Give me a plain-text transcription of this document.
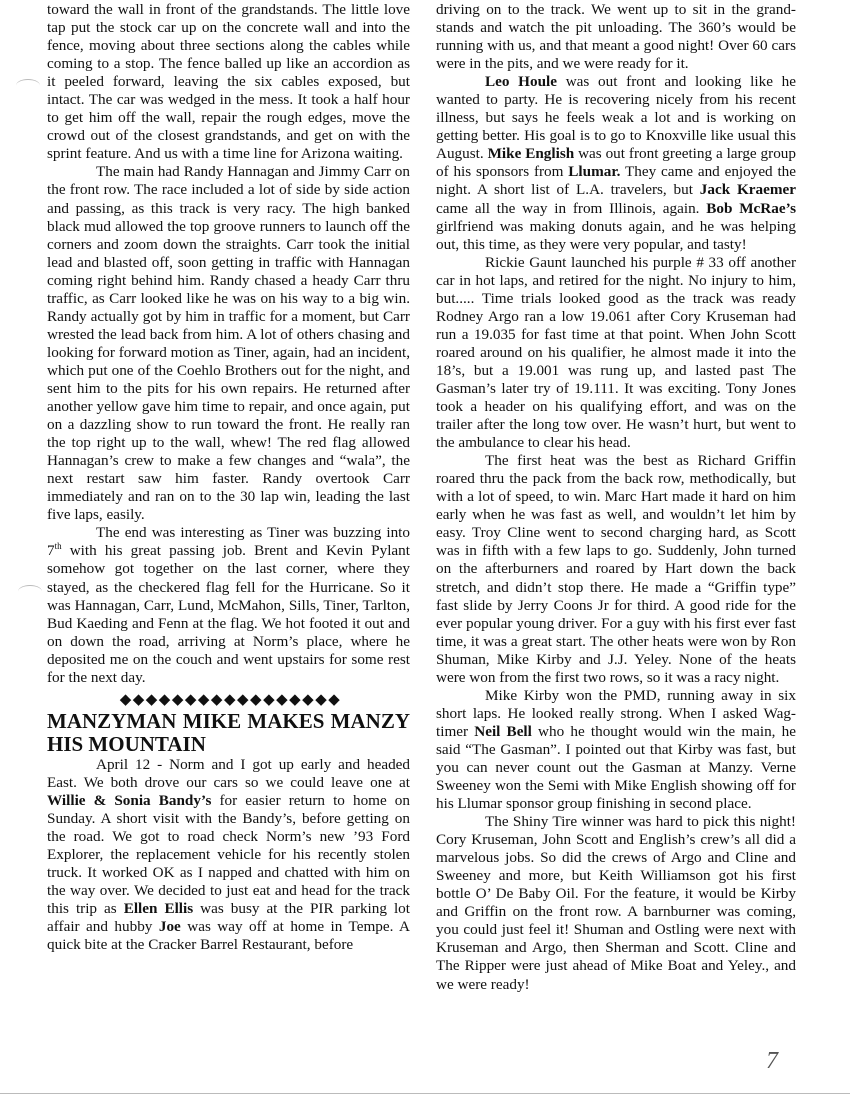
toward the wall in front of the grandstands. The little love tap put the stock car up on the concrete wall and into the fence, moving about three sections along the cables while coming to a stop. The fence balled up like an accordion as it peeled forward, leaving the six cables exposed, but intact. The car was wedged in the mess. It took a half hour to get him off the wall, repair the rough edges, move the crowd out of the closest grandstands, and get on with the sprint feature. And us with a time line for Arizona waiting.

The main had Randy Hannagan and Jimmy Carr on the front row. The race included a lot of side by side action and passing, as this track is very racy. The high banked black mud allowed the top groove runners to launch off the corners and zoom down the straights. Carr took the initial lead and blasted off, soon getting in traffic with Hannagan coming right behind him. Randy chased a heady Carr thru traffic, as Carr looked like he was on his way to a big win. Randy actually got by him in traffic for a moment, but Carr wrested the lead back from him. A lot of others chasing and looking for forward motion as Tiner, again, had an incident, which put one of the Coehlo Brothers out for the night, and sent him to the pits for his own repairs. He returned after another yellow gave him time to repair, and once again, put on a dazzling show to run toward the front. He really ran the top right up to the wall, whew! The red flag allowed Hannagan’s crew to make a few changes and “wala”, the next restart saw him faster. Randy overtook Carr immediately and ran on to the 30 lap win, leading the last five laps, easily.

The end was interesting as Tiner was buzzing into 7th with his great passing job. Brent and Kevin Pylant somehow got together on the last corner, where they stayed, as the checkered flag fell for the Hurricane. So it was Hannagan, Carr, Lund, McMahon, Sills, Tiner, Tarlton, Bud Kaeding and Fenn at the flag. We hot footed it out and on down the road, arriving at Norm’s place, where he deposited me on the couch and went upstairs for some rest for the next day.

◆◆◆◆◆◆◆◆◆◆◆◆◆◆◆◆◆
MANZYMAN MIKE MAKES MANZY
HIS MOUNTAIN

April 12 - Norm and I got up early and headed East. We both drove our cars so we could leave one at Willie & Sonia Bandy’s for easier return to home on Sunday. A short visit with the Bandy’s, before getting on the road. We got to road check Norm’s new ’93 Ford Explorer, the replacement vehicle for his recently stolen truck. It worked OK as I napped and chatted with him on the way over. We decided to just eat and head for the track this trip as Ellen Ellis was busy at the PIR parking lot affair and hubby Joe was way off at home in Tempe. A quick bite at the Cracker Barrel Restaurant, before

driving on to the track. We went up to sit in the grand-stands and watch the pit unloading. The 360’s would be running with us, and that meant a good night! Over 60 cars were in the pits, and we were ready for it.

Leo Houle was out front and looking like he wanted to party. He is recovering nicely from his recent illness, but says he feels weak a lot and is working on getting better. His goal is to go to Knoxville like usual this August. Mike English was out front greeting a large group of his sponsors from Llumar. They came and enjoyed the night. A short list of L.A. travelers, but Jack Kraemer came all the way in from Illinois, again. Bob McRae’s girlfriend was making donuts again, and he was helping out, this time, as they were very popular, and tasty!

Rickie Gaunt launched his purple # 33 off another car in hot laps, and retired for the night. No injury to him, but..... Time trials looked good as the track was ready Rodney Argo ran a low 19.061 after Cory Kruseman had run a 19.035 for fast time at that point. When John Scott roared around on his qualifier, he almost made it into the 18’s, but a 19.001 was rung up, and lasted past The Gasman’s later try of 19.111. It was exciting. Tony Jones took a header on his qualifying effort, and was on the trailer after the long tow over. He wasn’t hurt, but went to the ambulance to clear his head.

The first heat was the best as Richard Griffin roared thru the pack from the back row, methodically, but with a lot of speed, to win. Marc Hart made it hard on him early when he was fast as well, and wouldn’t let him by easy. Troy Cline went to second charging hard, as Scott was in fifth with a few laps to go. Suddenly, John turned on the afterburners and roared by Hart down the back stretch, and didn’t stop there. He made a “Griffin type” fast slide by Jerry Coons Jr for third. A good ride for the ever popular young driver. For a guy with his first ever fast time, it was a great start. The other heats were won by Ron Shuman, Mike Kirby and J.J. Yeley. None of the heats were won from the first two rows, so it was a racy night.

Mike Kirby won the PMD, running away in six short laps. He looked really strong. When I asked Wag-timer Neil Bell who he thought would win the main, he said “The Gasman”. I pointed out that Kirby was fast, but you can never count out the Gasman at Manzy. Verne Sweeney won the Semi with Mike English showing off for his Llumar sponsor group finishing in second place.

The Shiny Tire winner was hard to pick this night! Cory Kruseman, John Scott and English’s crew’s all did a marvelous jobs. So did the crews of Argo and Cline and Sweeney and more, but Keith Williamson got his first bottle O’ De Baby Oil. For the feature, it would be Kirby and Griffin on the front row. A barnburner was coming, you could just feel it! Shuman and Ostling were next with Kruseman and Argo, then Sherman and Scott. Cline and The Ripper were just ahead of Mike Boat and Yeley., and we were ready!

7
